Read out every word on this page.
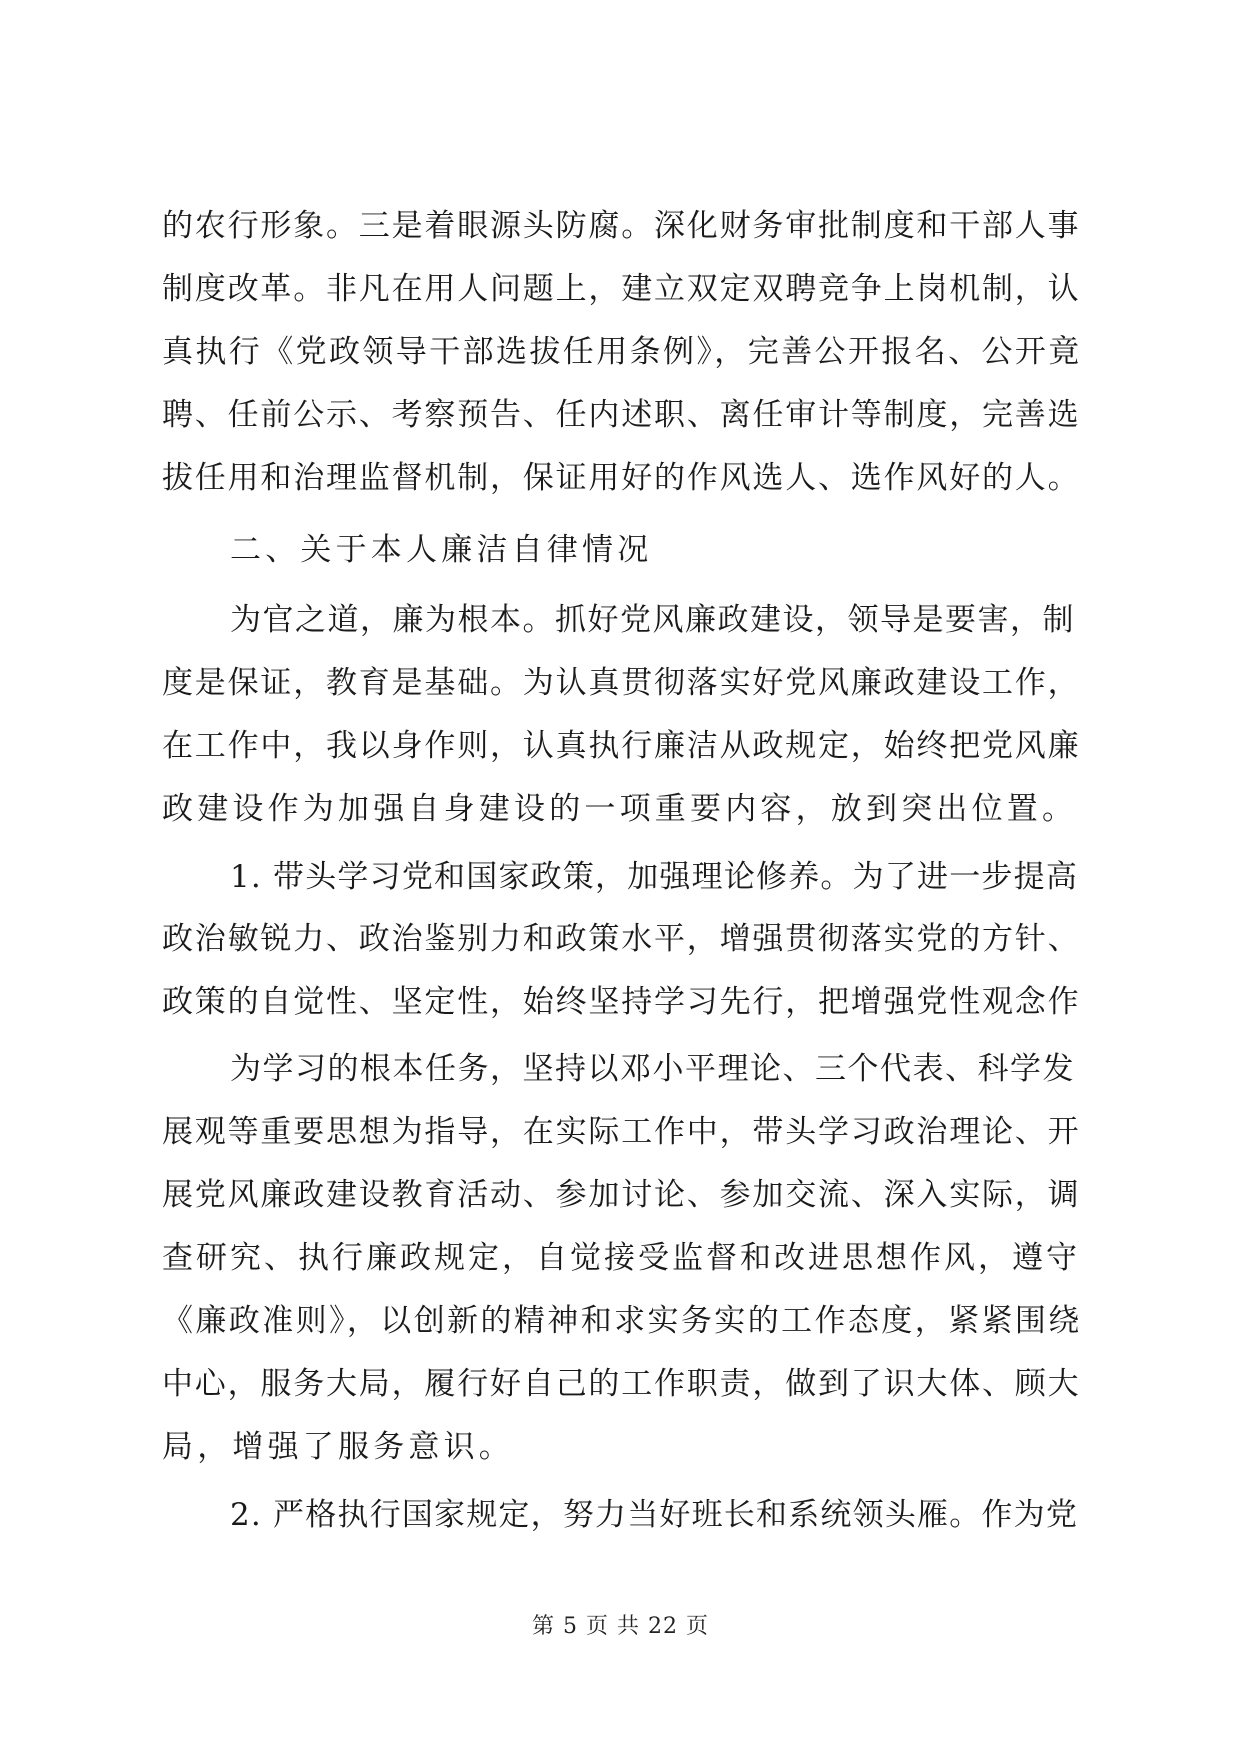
的农行形象。三是着眼源头防腐。深化财务审批制度和干部人事
制度改革。非凡在用人问题上，建立双定双聘竞争上岗机制，认
真执行《党政领导干部选拔任用条例》，完善公开报名、公开竟
聘、任前公示、考察预告、任内述职、离任审计等制度，完善选
拔任用和治理监督机制，保证用好的作风选人、选作风好的人。
二、关于本人廉洁自律情况
为官之道，廉为根本。抓好党风廉政建设，领导是要害，制
度是保证，教育是基础。为认真贯彻落实好党风廉政建设工作，
在工作中，我以身作则，认真执行廉洁从政规定，始终把党风廉
政建设作为加强自身建设的一项重要内容，放到突出位置。
1. 带头学习党和国家政策，加强理论修养。为了进一步提高
政治敏锐力、政治鉴别力和政策水平，增强贯彻落实党的方针、
政策的自觉性、坚定性，始终坚持学习先行，把增强党性观念作
为学习的根本任务，坚持以邓小平理论、三个代表、科学发
展观等重要思想为指导，在实际工作中，带头学习政治理论、开
展党风廉政建设教育活动、参加讨论、参加交流、深入实际，调
查研究、执行廉政规定，自觉接受监督和改进思想作风，遵守
《廉政准则》，以创新的精神和求实务实的工作态度，紧紧围绕
中心，服务大局，履行好自己的工作职责，做到了识大体、顾大
局，增强了服务意识。
2. 严格执行国家规定，努力当好班长和系统领头雁。作为党
第 5 页 共 22 页
